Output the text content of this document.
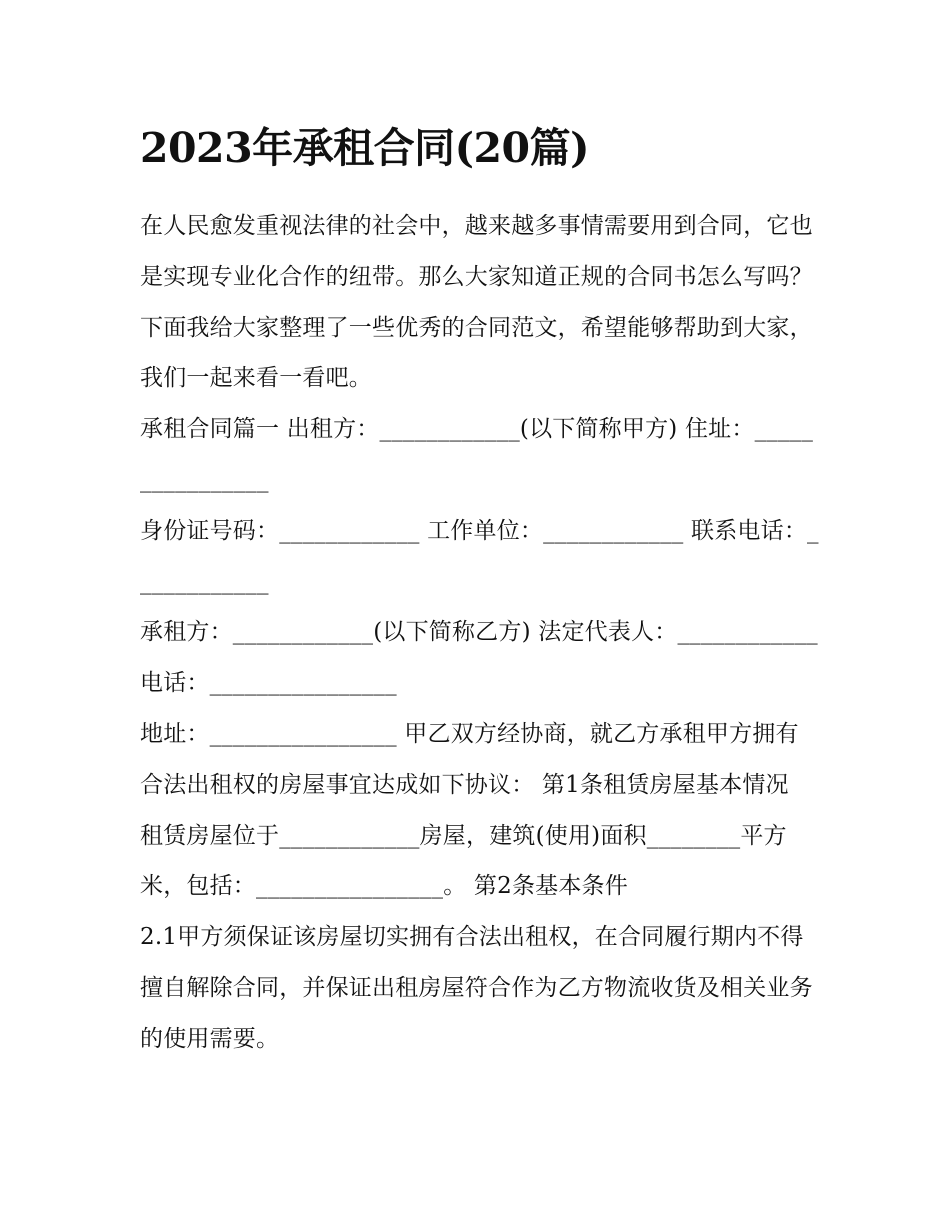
2023年承租合同(20篇)

在人民愈发重视法律的社会中，越来越多事情需要用到合同，它也是实现专业化合作的纽带。那么大家知道正规的合同书怎么写吗？下面我给大家整理了一些优秀的合同范文，希望能够帮助到大家，我们一起来看一看吧。

承租合同篇一 出租方：____________(以下简称甲方) 住址：________________

身份证号码：____________ 工作单位：____________ 联系电话：____________

承租方：____________(以下简称乙方) 法定代表人：____________ 电话：________________

地址：________________ 甲乙双方经协商，就乙方承租甲方拥有合法出租权的房屋事宜达成如下协议： 第1条租赁房屋基本情况

租赁房屋位于____________房屋，建筑(使用)面积________平方米，包括：________________。 第2条基本条件

2.1甲方须保证该房屋切实拥有合法出租权，在合同履行期内不得擅自解除合同，并保证出租房屋符合作为乙方物流收货及相关业务的使用需要。
